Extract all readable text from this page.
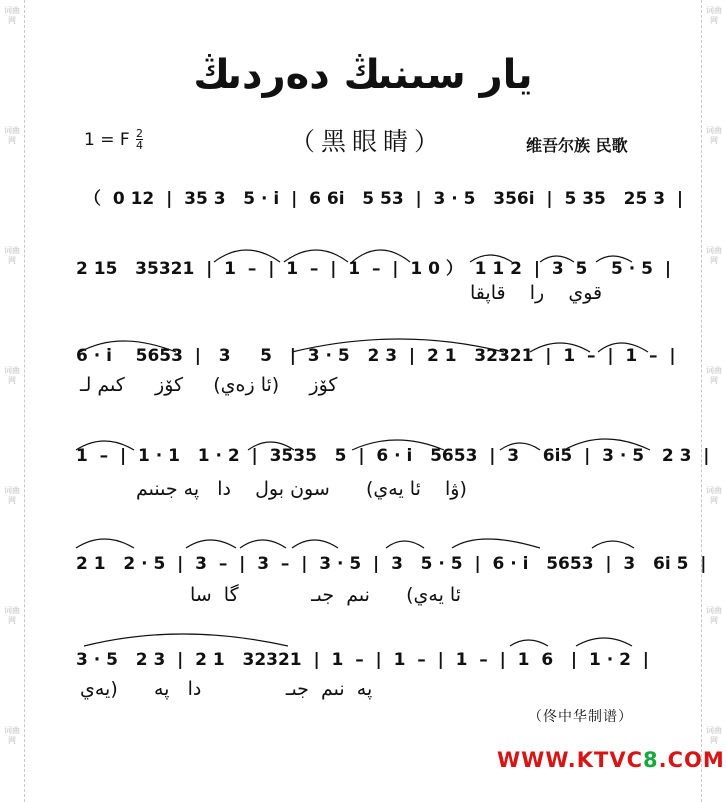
词曲网
词曲网
词曲网
词曲网
词曲网
词曲网
词曲网
词曲网
词曲网
词曲网
词曲网
词曲网
词曲网
词曲网
يار سىنىڭ دەردىڭ
1 = F 2
4	（黑眼睛）	维吾尔族 民歌
（  0 12  |  35 3   5 · i  |  6 6i   5 53  |  3 · 5   356i  |  5 35   25 3  |
2 15   35321  |  1  –  |  1  –  |  1  –  |  1 0 ）  1 1 2  |  3  5    5 · 5  |
قوي    را    قاپقا
6 · i    5653  |   3     5   |  3 · 5   2 3  |  2 1   32321  |  1  –  |  1  –  |
كۆز     (ئا زەي)     كۆز     كىم لـ
1  –  |  1 · 1   1 · 2  |  3535   5  |  6 · i   5653  |  3    6i5  |  3 · 5   2 3  |
(ۋا    ئا يەي)      سون بول    دا   پە جىنىم
2 1   2 · 5  |  3  –  |  3  –  |  3 · 5  |  3   5 · 5  |  6 · i   5653  |  3   6i 5  |
ئا يەي)      نىم  جىـ            گا  سا
3 · 5   2 3  |  2 1   32321  |  1  –  |  1  –  |  1  –  |  1  6   |  1 · 2  |
پە  نىم  جىـ              دا   پە      (يەي
（佟中华制谱）
WWW.KTVC8.COM
